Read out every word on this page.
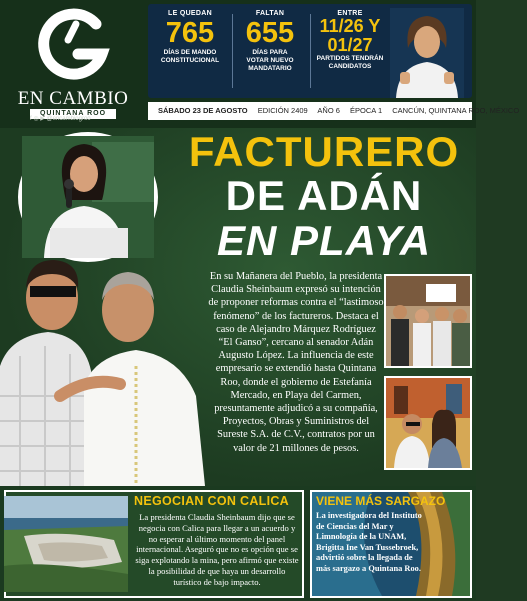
EN CAMBIO
QUINTANA ROO
f ◎ ▶ @encambiogroo
LE QUEDAN
765
DÍAS DE MANDO
CONSTITUCIONAL
FALTAN
655
DÍAS PARA
VOTAR NUEVO
MANDATARIO
ENTRE
11/26 Y
01/27
PARTIDOS TENDRÁN
CANDIDATOS
SÁBADO 23 DE AGOSTO EDICIÓN 2409 AÑO 6 ÉPOCA 1 CANCÚN, QUINTANA ROO, MÉXICO
FACTURERO
DE ADÁN
EN PLAYA
En su Mañanera del Pueblo, la presidenta Claudia Sheinbaum expresó su intención de proponer reformas contra el “lastimoso fenómeno” de los factureros. Destaca el caso de Alejandro Márquez Rodríguez “El Ganso”, cercano al senador Adán Augusto López. La influencia de este empresario se extendió hasta Quintana Roo, donde el gobierno de Estefanía Mercado, en Playa del Carmen, presuntamente adjudicó a su compañía, Proyectos, Obras y Suministros del Sureste S.A. de C.V., contratos por un valor de 21 millones de pesos.
NEGOCIAN CON CALICA
La presidenta Claudia Sheinbaum dijo que se negocia con Calica para llegar a un acuerdo y no esperar al último momento del panel internacional. Aseguró que no es opción que se siga explotando la mina, pero afirmó que existe la posibilidad de que haya un desarrollo turístico de bajo impacto.
VIENE MÁS SARGAZO
La investigadora del Instituto de Ciencias del Mar y Limnología de la UNAM, Brigitta Ine Van Tussebroek, advirtió sobre la llegada de más sargazo a Quintana Roo.
